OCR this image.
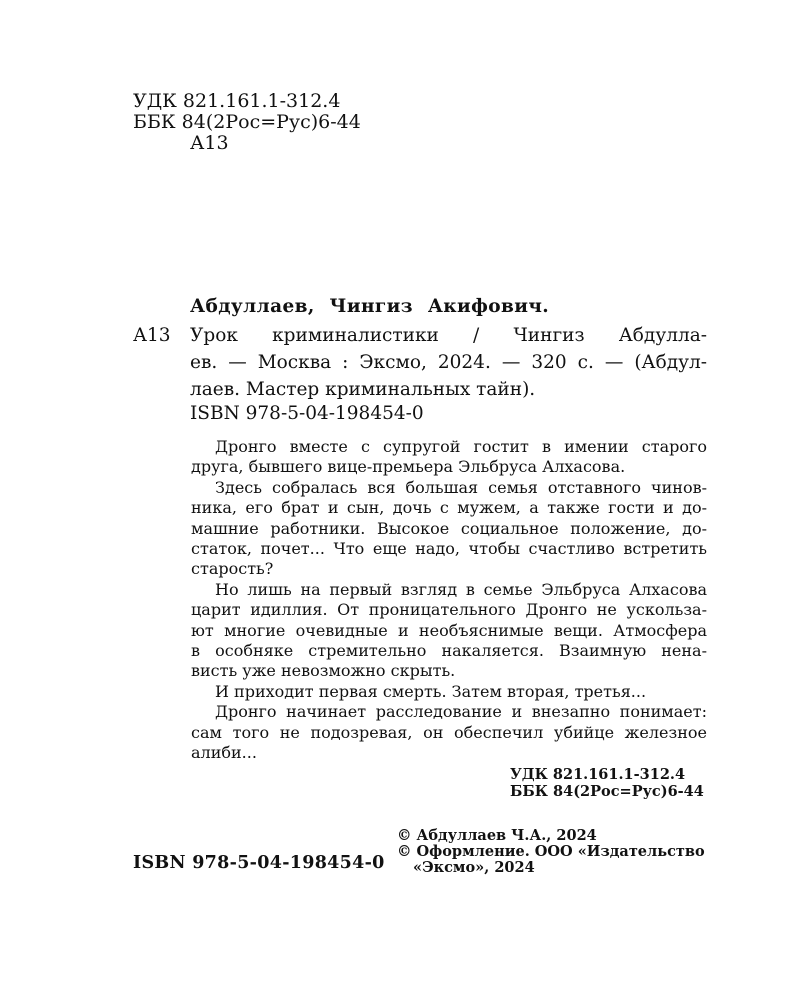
УДК 821.161.1-312.4
ББК 84(2Рос=Рус)6-44
А13
Абдуллаев, Чингиз Акифович.
А13 Урок криминалистики / Чингиз Абдулла-
ев. — Москва : Эксмо, 2024. — 320 с. — (Абдул-
лаев. Мастер криминальных тайн).
ISBN 978-5-04-198454-0

Дронго вместе с супругой гостит в имении старого
друга, бывшего вице-премьера Эльбруса Алхасова.

Здесь собралась вся большая семья отставного чинов-
ника, его брат и сын, дочь с мужем, а также гости и до-
машние работники. Высокое социальное положение, до-
статок, почет... Что еще надо, чтобы счастливо встретить
старость?

Но лишь на первый взгляд в семье Эльбруса Алхасова
царит идиллия. От проницательного Дронго не ускольза-
ют многие очевидные и необъяснимые вещи. Атмосфера
в особняке стремительно накаляется. Взаимную нена-
висть уже невозможно скрыть.

И приходит первая смерть. Затем вторая, третья...

Дронго начинает расследование и внезапно понимает:
сам того не подозревая, он обеспечил убийце железное
алиби...

УДК 821.161.1-312.4
ББК 84(2Рос=Рус)6-44
© Абдуллаев Ч.А., 2024
© Оформление. ООО «Издательство
«Эксмо», 2024
ISBN 978-5-04-198454-0
